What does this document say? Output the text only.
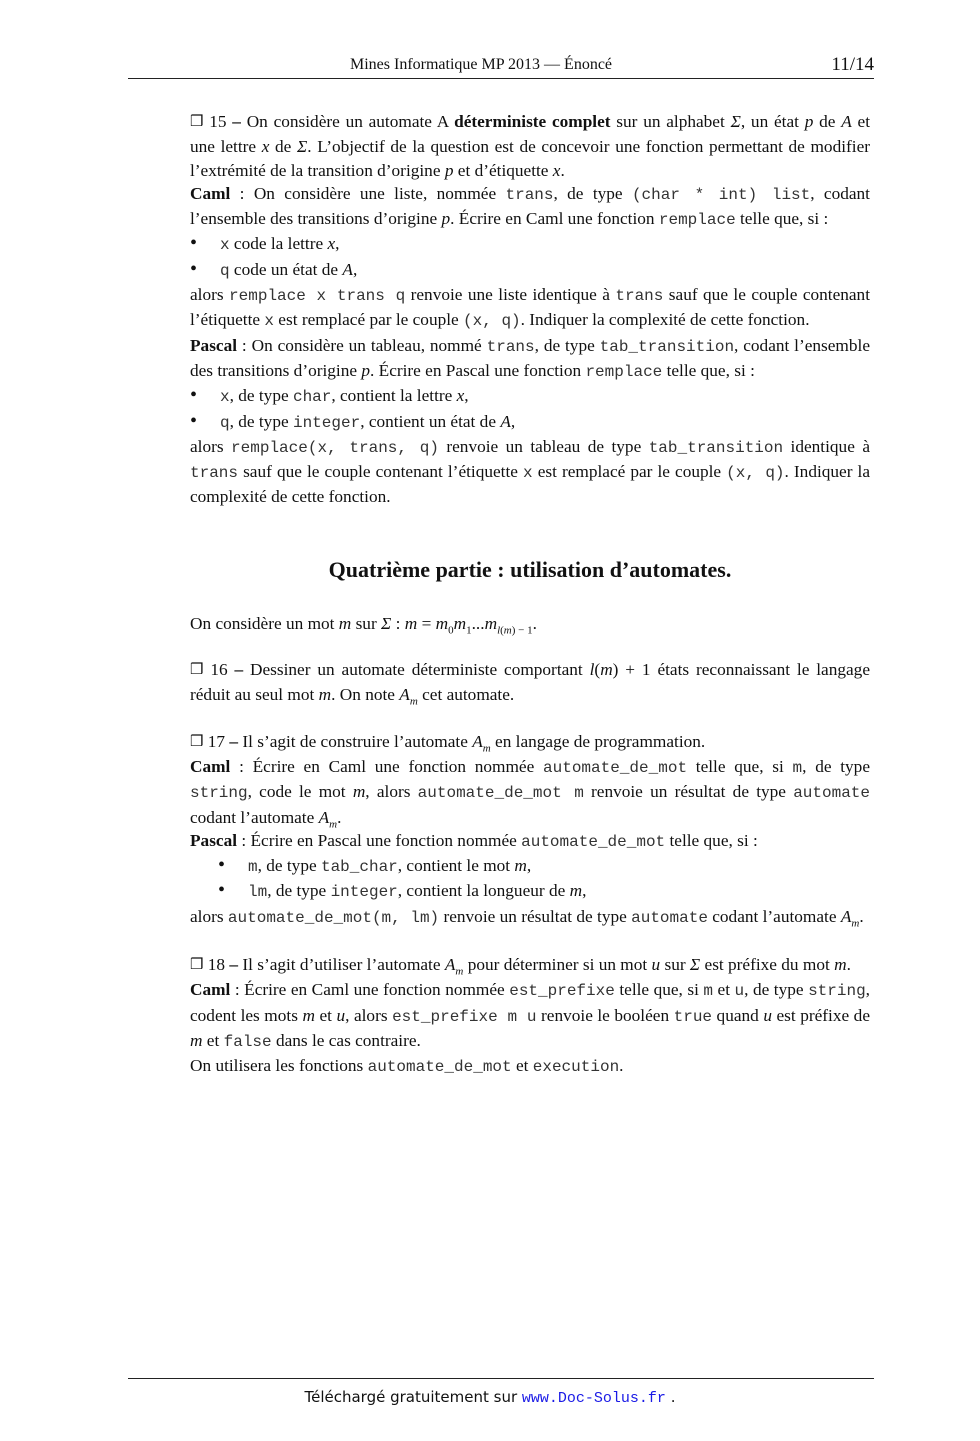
Mines Informatique MP 2013 — Énoncé	11/14

❒ 15 – On considère un automate A déterministe complet sur un alphabet Σ, un état p de A et une lettre x de Σ. L’objectif de la question est de concevoir une fonction permettant de modifier l’extrémité de la transition d’origine p et d’étiquette x.

Caml : On considère une liste, nommée trans, de type (char * int) list, codant l’ensemble des transitions d’origine p. Écrire en Caml une fonction remplace telle que, si :

• x code la lettre x,
• q code un état de A,

alors remplace x trans q renvoie une liste identique à trans sauf que le couple contenant l’étiquette x est remplacé par le couple (x, q). Indiquer la complexité de cette fonction.

Pascal : On considère un tableau, nommé trans, de type tab_transition, codant l’ensemble des transitions d’origine p. Écrire en Pascal une fonction remplace telle que, si :

• x, de type char, contient la lettre x,
• q, de type integer, contient un état de A,

alors remplace(x, trans, q) renvoie un tableau de type tab_transition identique à trans sauf que le couple contenant l’étiquette x est remplacé par le couple (x, q). Indiquer la complexité de cette fonction.

Quatrième partie : utilisation d’automates.

On considère un mot m sur Σ : $m = m_0m_1...m_{l(m) - 1}$.

❒ 16 – Dessiner un automate déterministe comportant l(m) + 1 états reconnaissant le langage réduit au seul mot m. On note $A_m$ cet automate.

❒ 17 – Il s’agit de construire l’automate $A_m$ en langage de programmation.

Caml : Écrire en Caml une fonction nommée automate_de_mot telle que, si m, de type string, code le mot m, alors automate_de_mot m renvoie un résultat de type automate codant l’automate $A_m$.

Pascal : Écrire en Pascal une fonction nommée automate_de_mot telle que, si :

• m, de type tab_char, contient le mot m,
• lm, de type integer, contient la longueur de m,

alors automate_de_mot(m, lm) renvoie un résultat de type automate codant l’automate $A_m$.

❒ 18 – Il s’agit d’utiliser l’automate $A_m$ pour déterminer si un mot u sur Σ est préfixe du mot m.

Caml : Écrire en Caml une fonction nommée est_prefixe telle que, si m et u, de type string, codent les mots m et u, alors est_prefixe m u renvoie le booléen true quand u est préfixe de m et false dans le cas contraire.

On utilisera les fonctions automate_de_mot et execution.

Téléchargé gratuitement sur www.Doc-Solus.fr .
